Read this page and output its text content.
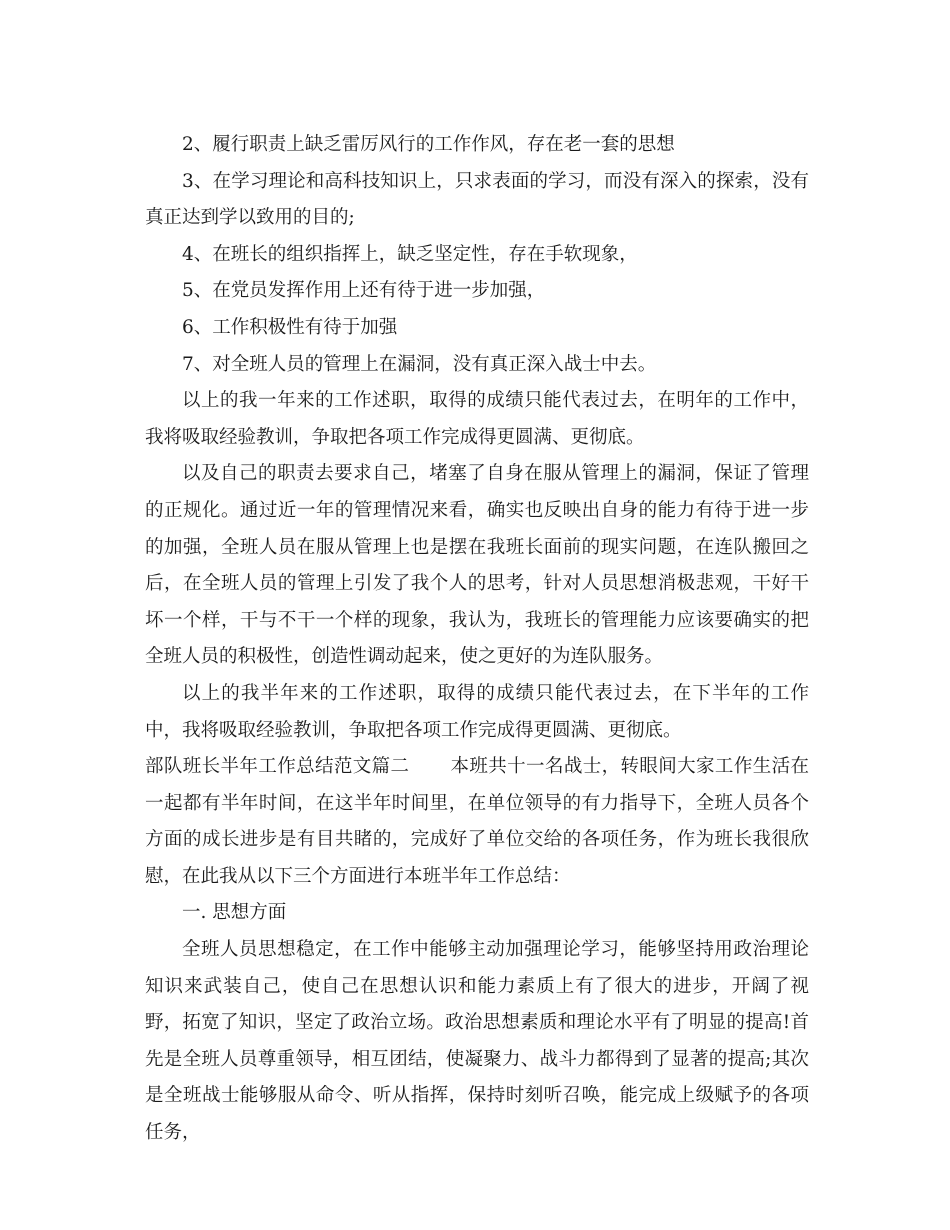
2、履行职责上缺乏雷厉风行的工作作风，存在老一套的思想

3、在学习理论和高科技知识上，只求表面的学习，而没有深入的探索，没有真正达到学以致用的目的;

4、在班长的组织指挥上，缺乏坚定性，存在手软现象，

5、在党员发挥作用上还有待于进一步加强，

6、工作积极性有待于加强

7、对全班人员的管理上在漏洞，没有真正深入战士中去。

以上的我一年来的工作述职，取得的成绩只能代表过去，在明年的工作中，我将吸取经验教训，争取把各项工作完成得更圆满、更彻底。

以及自己的职责去要求自己，堵塞了自身在服从管理上的漏洞，保证了管理的正规化。通过近一年的管理情况来看，确实也反映出自身的能力有待于进一步的加强，全班人员在服从管理上也是摆在我班长面前的现实问题，在连队搬回之后，在全班人员的管理上引发了我个人的思考，针对人员思想消极悲观，干好干坏一个样，干与不干一个样的现象，我认为，我班长的管理能力应该要确实的把全班人员的积极性，创造性调动起来，使之更好的为连队服务。

以上的我半年来的工作述职，取得的成绩只能代表过去，在下半年的工作中，我将吸取经验教训，争取把各项工作完成得更圆满、更彻底。

部队班长半年工作总结范文篇二 本班共十一名战士，转眼间大家工作生活在一起都有半年时间，在这半年时间里，在单位领导的有力指导下，全班人员各个方面的成长进步是有目共睹的，完成好了单位交给的各项任务，作为班长我很欣慰，在此我从以下三个方面进行本班半年工作总结：

一. 思想方面

全班人员思想稳定，在工作中能够主动加强理论学习，能够坚持用政治理论知识来武装自己，使自己在思想认识和能力素质上有了很大的进步，开阔了视野，拓宽了知识，坚定了政治立场。政治思想素质和理论水平有了明显的提高!首先是全班人员尊重领导，相互团结，使凝聚力、战斗力都得到了显著的提高;其次是全班战士能够服从命令、听从指挥，保持时刻听召唤，能完成上级赋予的各项任务，
